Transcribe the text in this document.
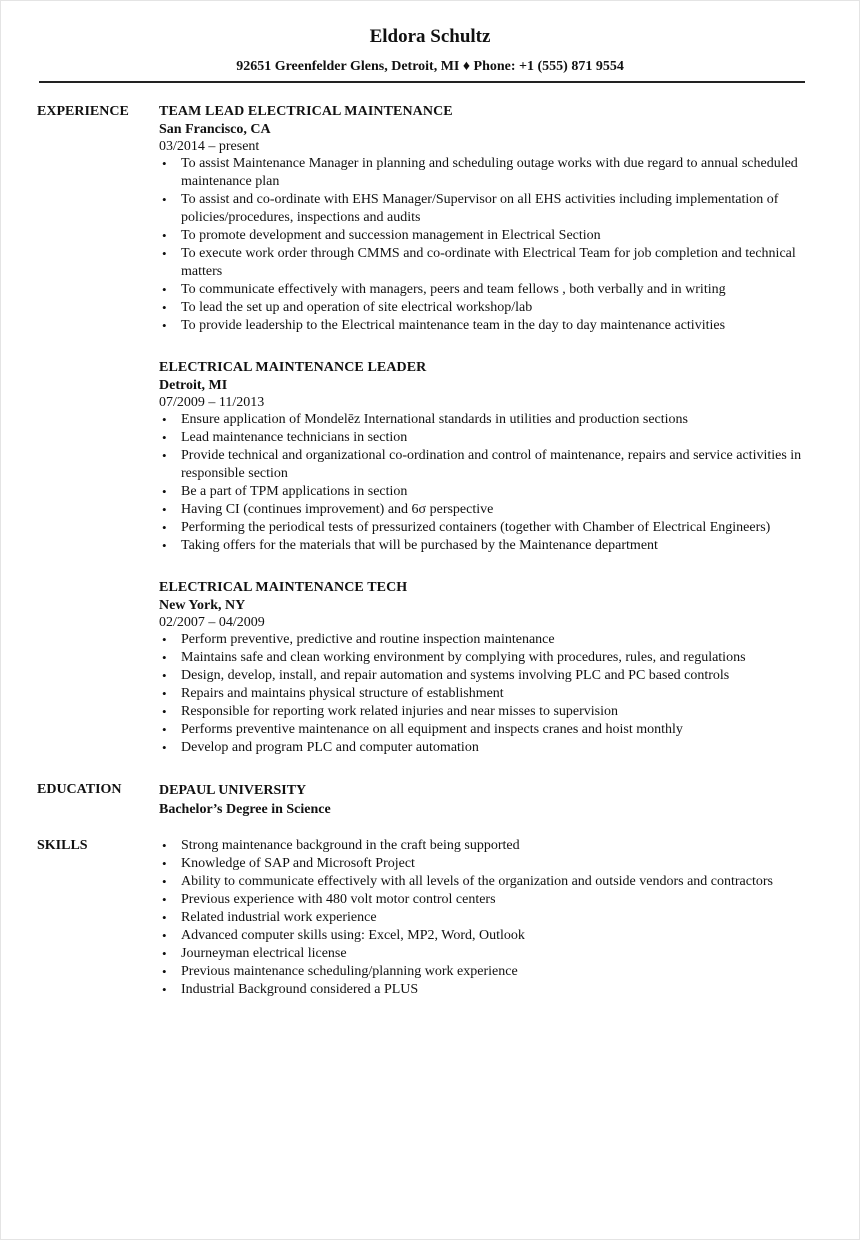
Eldora Schultz
92651 Greenfelder Glens, Detroit, MI ♦ Phone: +1 (555) 871 9554
EXPERIENCE	TEAM LEAD ELECTRICAL MAINTENANCE
San Francisco, CA
03/2014 – present
• To assist Maintenance Manager in planning and scheduling outage works with due regard to annual scheduled maintenance plan
• To assist and co-ordinate with EHS Manager/Supervisor on all EHS activities including implementation of policies/procedures, inspections and audits
• To promote development and succession management in Electrical Section
• To execute work order through CMMS and co-ordinate with Electrical Team for job completion and technical matters
• To communicate effectively with managers, peers and team fellows , both verbally and in writing
• To lead the set up and operation of site electrical workshop/lab
• To provide leadership to the Electrical maintenance team in the day to day maintenance activities
ELECTRICAL MAINTENANCE LEADER
Detroit, MI
07/2009 – 11/2013
• Ensure application of Mondelēz International standards in utilities and production sections
• Lead maintenance technicians in section
• Provide technical and organizational co-ordination and control of maintenance, repairs and service activities in responsible section
• Be a part of TPM applications in section
• Having CI (continues improvement) and 6σ perspective
• Performing the periodical tests of pressurized containers (together with Chamber of Electrical Engineers)
• Taking offers for the materials that will be purchased by the Maintenance department
ELECTRICAL MAINTENANCE TECH
New York, NY
02/2007 – 04/2009
• Perform preventive, predictive and routine inspection maintenance
• Maintains safe and clean working environment by complying with procedures, rules, and regulations
• Design, develop, install, and repair automation and systems involving PLC and PC based controls
• Repairs and maintains physical structure of establishment
• Responsible for reporting work related injuries and near misses to supervision
• Performs preventive maintenance on all equipment and inspects cranes and hoist monthly
• Develop and program PLC and computer automation
EDUCATION	DEPAUL UNIVERSITY
Bachelor’s Degree in Science
SKILLS	• Strong maintenance background in the craft being supported
• Knowledge of SAP and Microsoft Project
• Ability to communicate effectively with all levels of the organization and outside vendors and contractors
• Previous experience with 480 volt motor control centers
• Related industrial work experience
• Advanced computer skills using: Excel, MP2, Word, Outlook
• Journeyman electrical license
• Previous maintenance scheduling/planning work experience
• Industrial Background considered a PLUS
